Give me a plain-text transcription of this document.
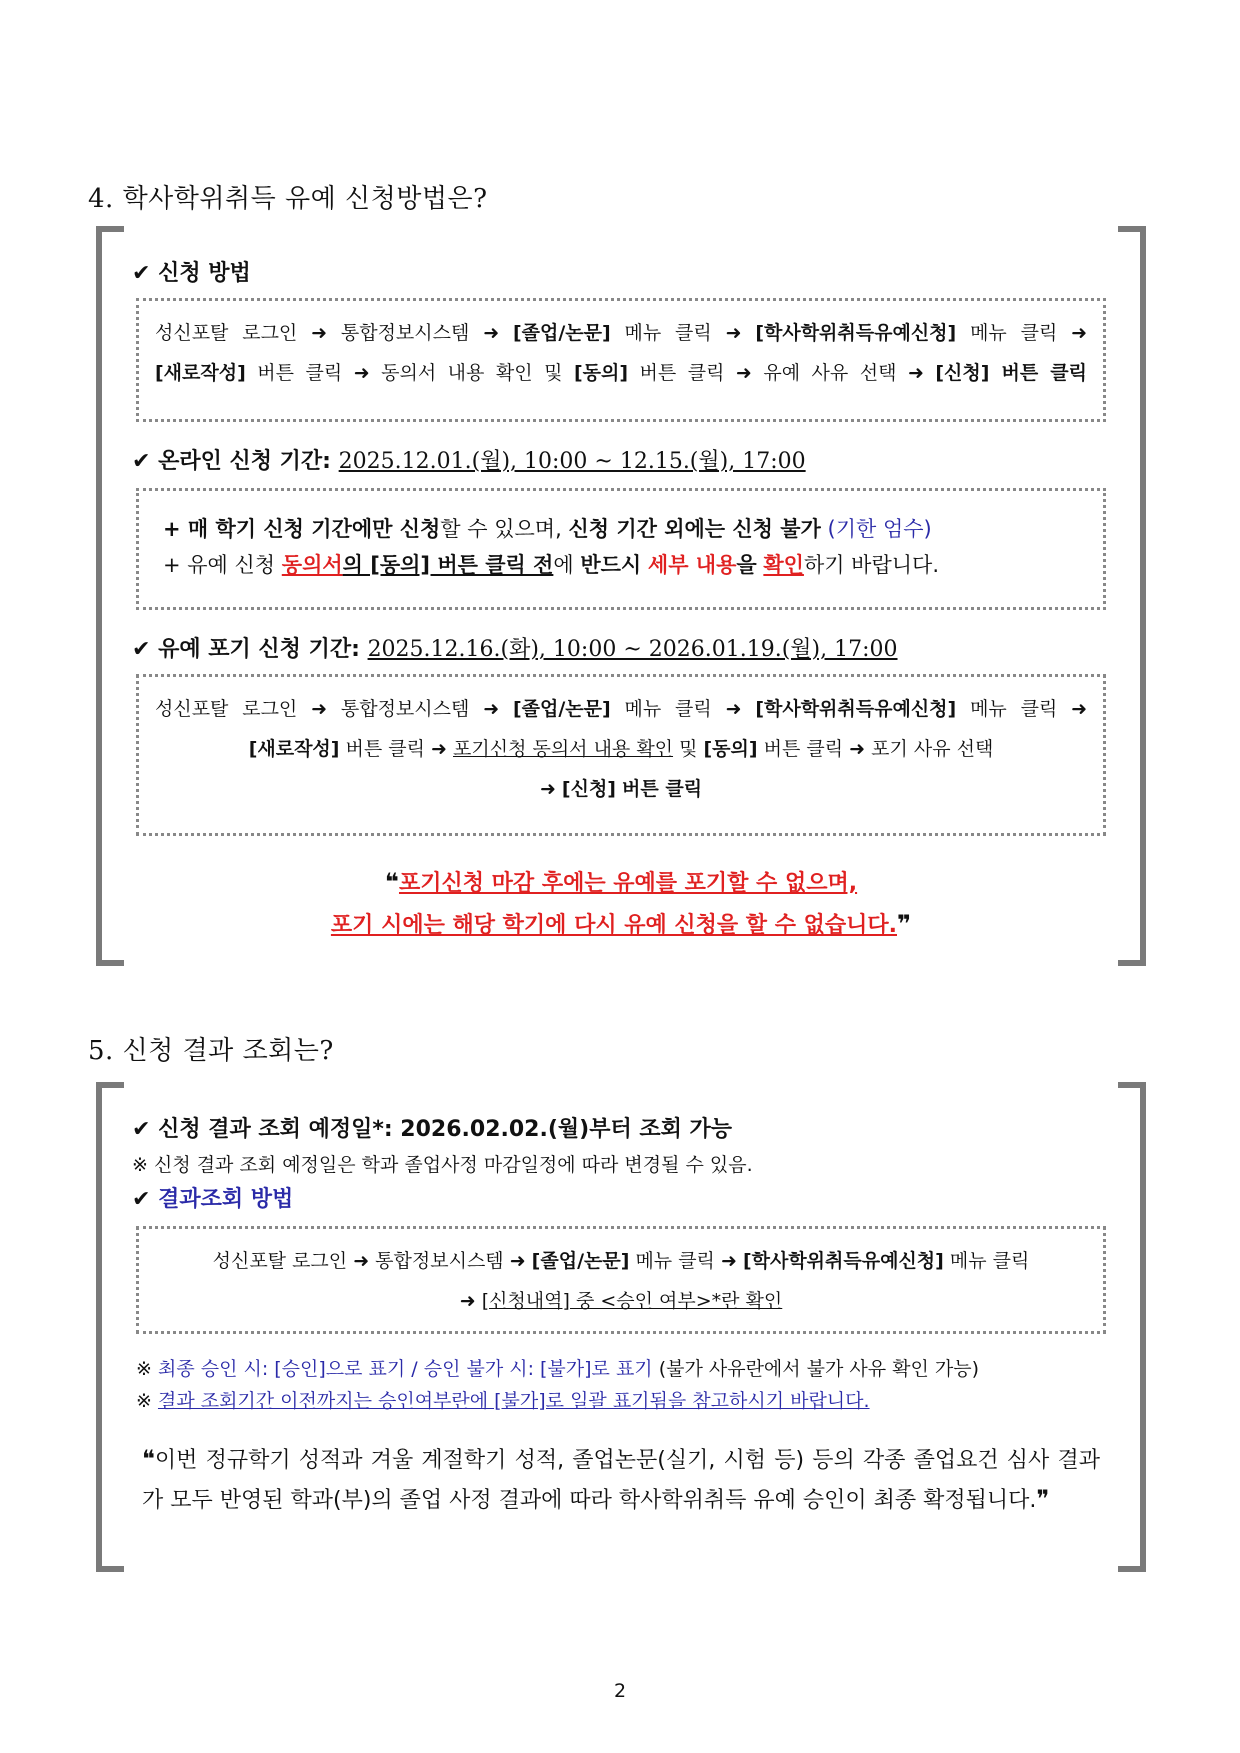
4. 학사학위취득 유예 신청방법은?
✔ 신청 방법
성신포탈 로그인 ➜ 통합정보시스템 ➜ [졸업/논문] 메뉴 클릭 ➜ [학사학위취득유예신청] 메뉴 클릭 ➜
[새로작성] 버튼 클릭 ➜ 동의서 내용 확인 및 [동의] 버튼 클릭 ➜ 유예 사유 선택 ➜ [신청] 버튼 클릭
✔ 온라인 신청 기간: 2025.12.01.(월), 10:00 ~ 12.15.(월), 17:00
+ 매 학기 신청 기간에만 신청할 수 있으며, 신청 기간 외에는 신청 불가 (기한 엄수)
+ 유예 신청 동의서의 [동의] 버튼 클릭 전에 반드시 세부 내용을 확인하기 바랍니다.
✔ 유예 포기 신청 기간: 2025.12.16.(화), 10:00 ~ 2026.01.19.(월), 17:00
성신포탈 로그인 ➜ 통합정보시스템 ➜ [졸업/논문] 메뉴 클릭 ➜ [학사학위취득유예신청] 메뉴 클릭 ➜
[새로작성] 버튼 클릭 ➜ 포기신청 동의서 내용 확인 및 [동의] 버튼 클릭 ➜ 포기 사유 선택
➜ [신청] 버튼 클릭
❝포기신청 마감 후에는 유예를 포기할 수 없으며,
포기 시에는 해당 학기에 다시 유예 신청을 할 수 없습니다.❞
5. 신청 결과 조회는?
✔ 신청 결과 조회 예정일*: 2026.02.02.(월)부터 조회 가능
※ 신청 결과 조회 예정일은 학과 졸업사정 마감일정에 따라 변경될 수 있음.
✔ 결과조회 방법
성신포탈 로그인 ➜ 통합정보시스템 ➜ [졸업/논문] 메뉴 클릭 ➜ [학사학위취득유예신청] 메뉴 클릭
➜ [신청내역] 중 <승인 여부>*란 확인
※ 최종 승인 시: [승인]으로 표기 / 승인 불가 시: [불가]로 표기 (불가 사유란에서 불가 사유 확인 가능)
※ 결과 조회기간 이전까지는 승인여부란에 [불가]로 일괄 표기됨을 참고하시기 바랍니다.
❝이번 정규학기 성적과 겨울 계절학기 성적, 졸업논문(실기, 시험 등) 등의 각종 졸업요건 심사 결과가 모두 반영된 학과(부)의 졸업 사정 결과에 따라 학사학위취득 유예 승인이 최종 확정됩니다.❞
2
